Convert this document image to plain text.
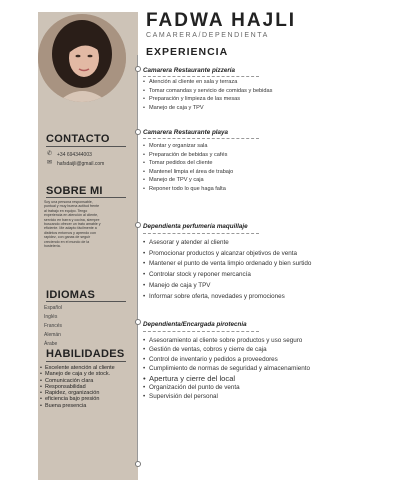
CONTACTO
✆ +34 694344003
✉ hafsdaijli@gmail.com
SOBRE MI
Soy una persona responsable, puntual y muy buena actitud frente al trabajo en equipo. Tengo experiencia en atención al cliente, servicio en barra y cocina, siempre buscando ofrecer un trato amable y eficiente. Me adapto fácilmente a distintos entornos y aprendo con rapidez, con ganas de seguir creciendo en el mundo de la hostelería.
IDIOMAS
Español
Inglés
Francés
Alemán
Árabe
HABILIDADES
• Excelente atención al cliente
• Manejo de caja y de stock.
• Comunicación clara
• Responsabilidad
• Rapidez, organización
• eficiencia bajo presión
• Buena presencia
FADWA HAJLI
CAMARERA/DEPENDIENTA
EXPERIENCIA
Camarera Restaurante pizzería
• Atención al cliente en sala y terraza
• Tomar comandas y servicio de comidas y bebidas
• Preparación y limpieza de las mesas
• Manejo de caja y TPV
Camarera Restaurante playa
• Montar y organizar sala
• Preparación de bebidas y cafés
• Tomar pedidos del cliente
• Mantenel limpia el área de trabajo
• Manejo de TPV y caja
• Reponer todo lo que haga falta
Dependienta perfumería maquillaje
• Asesorar y atender al cliente
• Promocionar productos y alcanzar objetivos de venta
• Mantener el punto de venta limpio ordenado y bien surtido
• Controlar stock y reponer mercancía
• Manejo de caja y TPV
• Informar sobre oferta, novedades y promociones
Dependienta/Encargada pirotecnia
• Asesoramiento al cliente sobre productos y uso seguro
• Gestión de ventas, cobros y cierre de caja
• Control de inventario y pedidos a proveedores
• Cumplimiento de normas de seguridad y almacenamiento
• Apertura y cierre del local
• Organización del punto de venta
• Supervisión del personal
